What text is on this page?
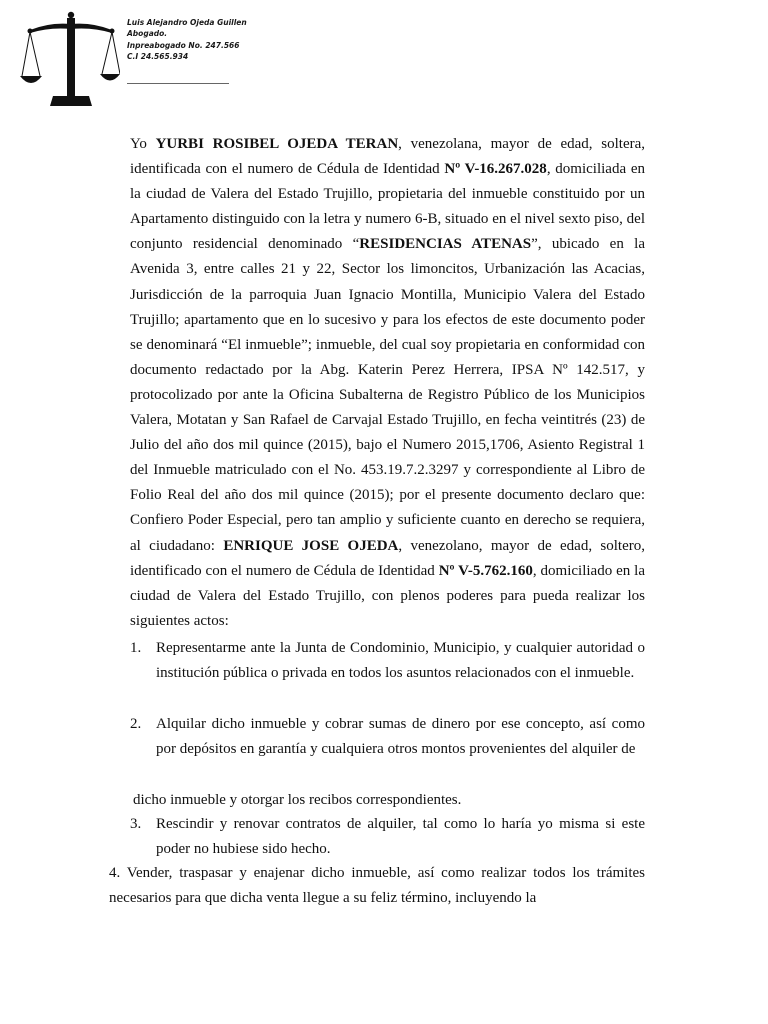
Luis Alejandro Ojeda Guillen
Abogado.
Inpreabogado No. 247.566
C.I 24.565.934
Yo YURBI ROSIBEL OJEDA TERAN, venezolana, mayor de edad, soltera, identificada con el numero de Cédula de Identidad Nº V-16.267.028, domiciliada en la ciudad de Valera del Estado Trujillo, propietaria del inmueble constituido por un Apartamento distinguido con la letra y numero 6-B, situado en el nivel sexto piso, del conjunto residencial denominado “RESIDENCIAS ATENAS”, ubicado en la Avenida 3, entre calles 21 y 22, Sector los limoncitos, Urbanización las Acacias, Jurisdicción de la parroquia Juan Ignacio Montilla, Municipio Valera del Estado Trujillo; apartamento que en lo sucesivo y para los efectos de este documento poder se denominará “El inmueble”; inmueble, del cual soy propietaria en conformidad con documento redactado por la Abg. Katerin Perez Herrera, IPSA Nº 142.517, y protocolizado por ante la Oficina Subalterna de Registro Público de los Municipios Valera, Motatan y San Rafael de Carvajal Estado Trujillo, en fecha veintitrés (23) de Julio del año dos mil quince (2015), bajo el Numero 2015,1706, Asiento Registral 1 del Inmueble matriculado con el No. 453.19.7.2.3297 y correspondiente al Libro de Folio Real del año dos mil quince (2015); por el presente documento declaro que: Confiero Poder Especial, pero tan amplio y suficiente cuanto en derecho se requiera, al ciudadano: ENRIQUE JOSE OJEDA, venezolano, mayor de edad, soltero, identificado con el numero de Cédula de Identidad Nº V-5.762.160, domiciliado en la ciudad de Valera del Estado Trujillo, con plenos poderes para pueda realizar los siguientes actos:
1. Representarme ante la Junta de Condominio, Municipio, y cualquier autoridad o institución pública o privada en todos los asuntos relacionados con el inmueble.
2. Alquilar dicho inmueble y cobrar sumas de dinero por ese concepto, así como por depósitos en garantía y cualquiera otros montos provenientes del alquiler de
dicho inmueble y otorgar los recibos correspondientes.
3. Rescindir y renovar contratos de alquiler, tal como lo haría yo misma si este poder no hubiese sido hecho.
4. Vender, traspasar y enajenar dicho inmueble, así como realizar todos los trámites necesarios para que dicha venta llegue a su feliz término, incluyendo la
